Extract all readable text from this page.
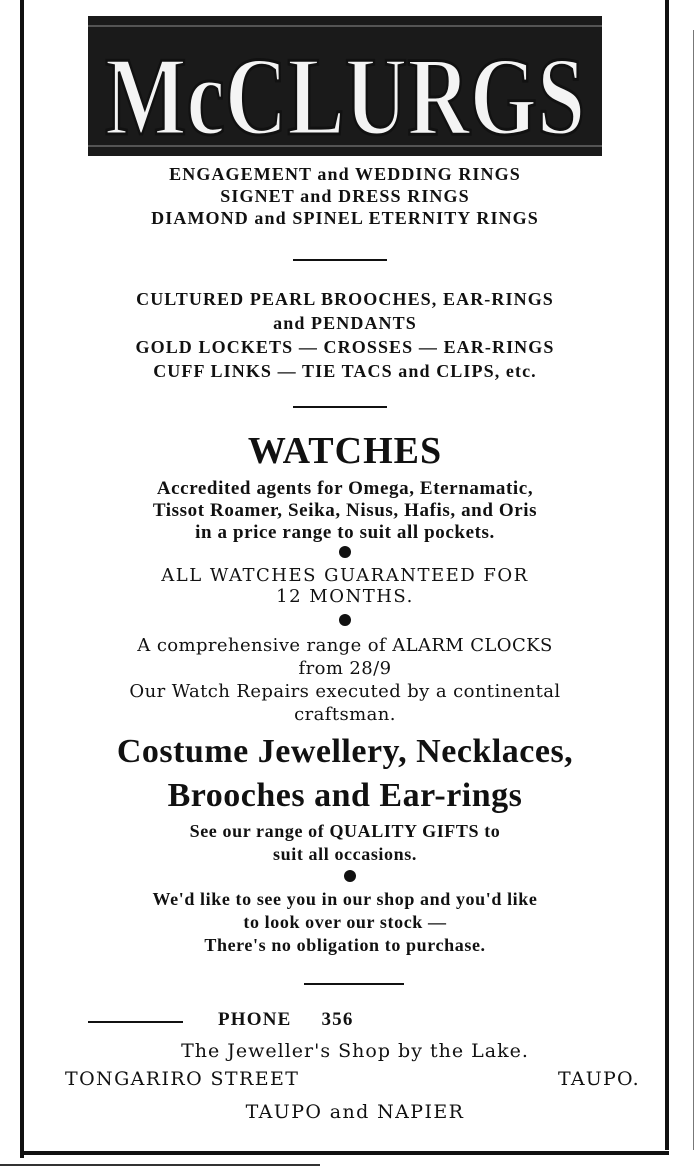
McCLURGS
ENGAGEMENT and WEDDING RINGS
SIGNET and DRESS RINGS
DIAMOND and SPINEL ETERNITY RINGS
CULTURED PEARL BROOCHES, EAR-RINGS
and PENDANTS
GOLD LOCKETS — CROSSES — EAR-RINGS
CUFF LINKS — TIE TACS and CLIPS, etc.
WATCHES
Accredited agents for Omega, Eternamatic,
Tissot Roamer, Seika, Nisus, Hafis, and Oris
in a price range to suit all pockets.
ALL WATCHES GUARANTEED FOR
12 MONTHS.
A comprehensive range of ALARM CLOCKS
from 28/9
Our Watch Repairs executed by a continental
craftsman.
Costume Jewellery, Necklaces,
Brooches and Ear-rings
See our range of QUALITY GIFTS to
suit all occasions.
We'd like to see you in our shop and you'd like
to look over our stock —
There's no obligation to purchase.
PHONE 356
The Jeweller's Shop by the Lake.
TONGARIRO STREET	TAUPO.
TAUPO and NAPIER
